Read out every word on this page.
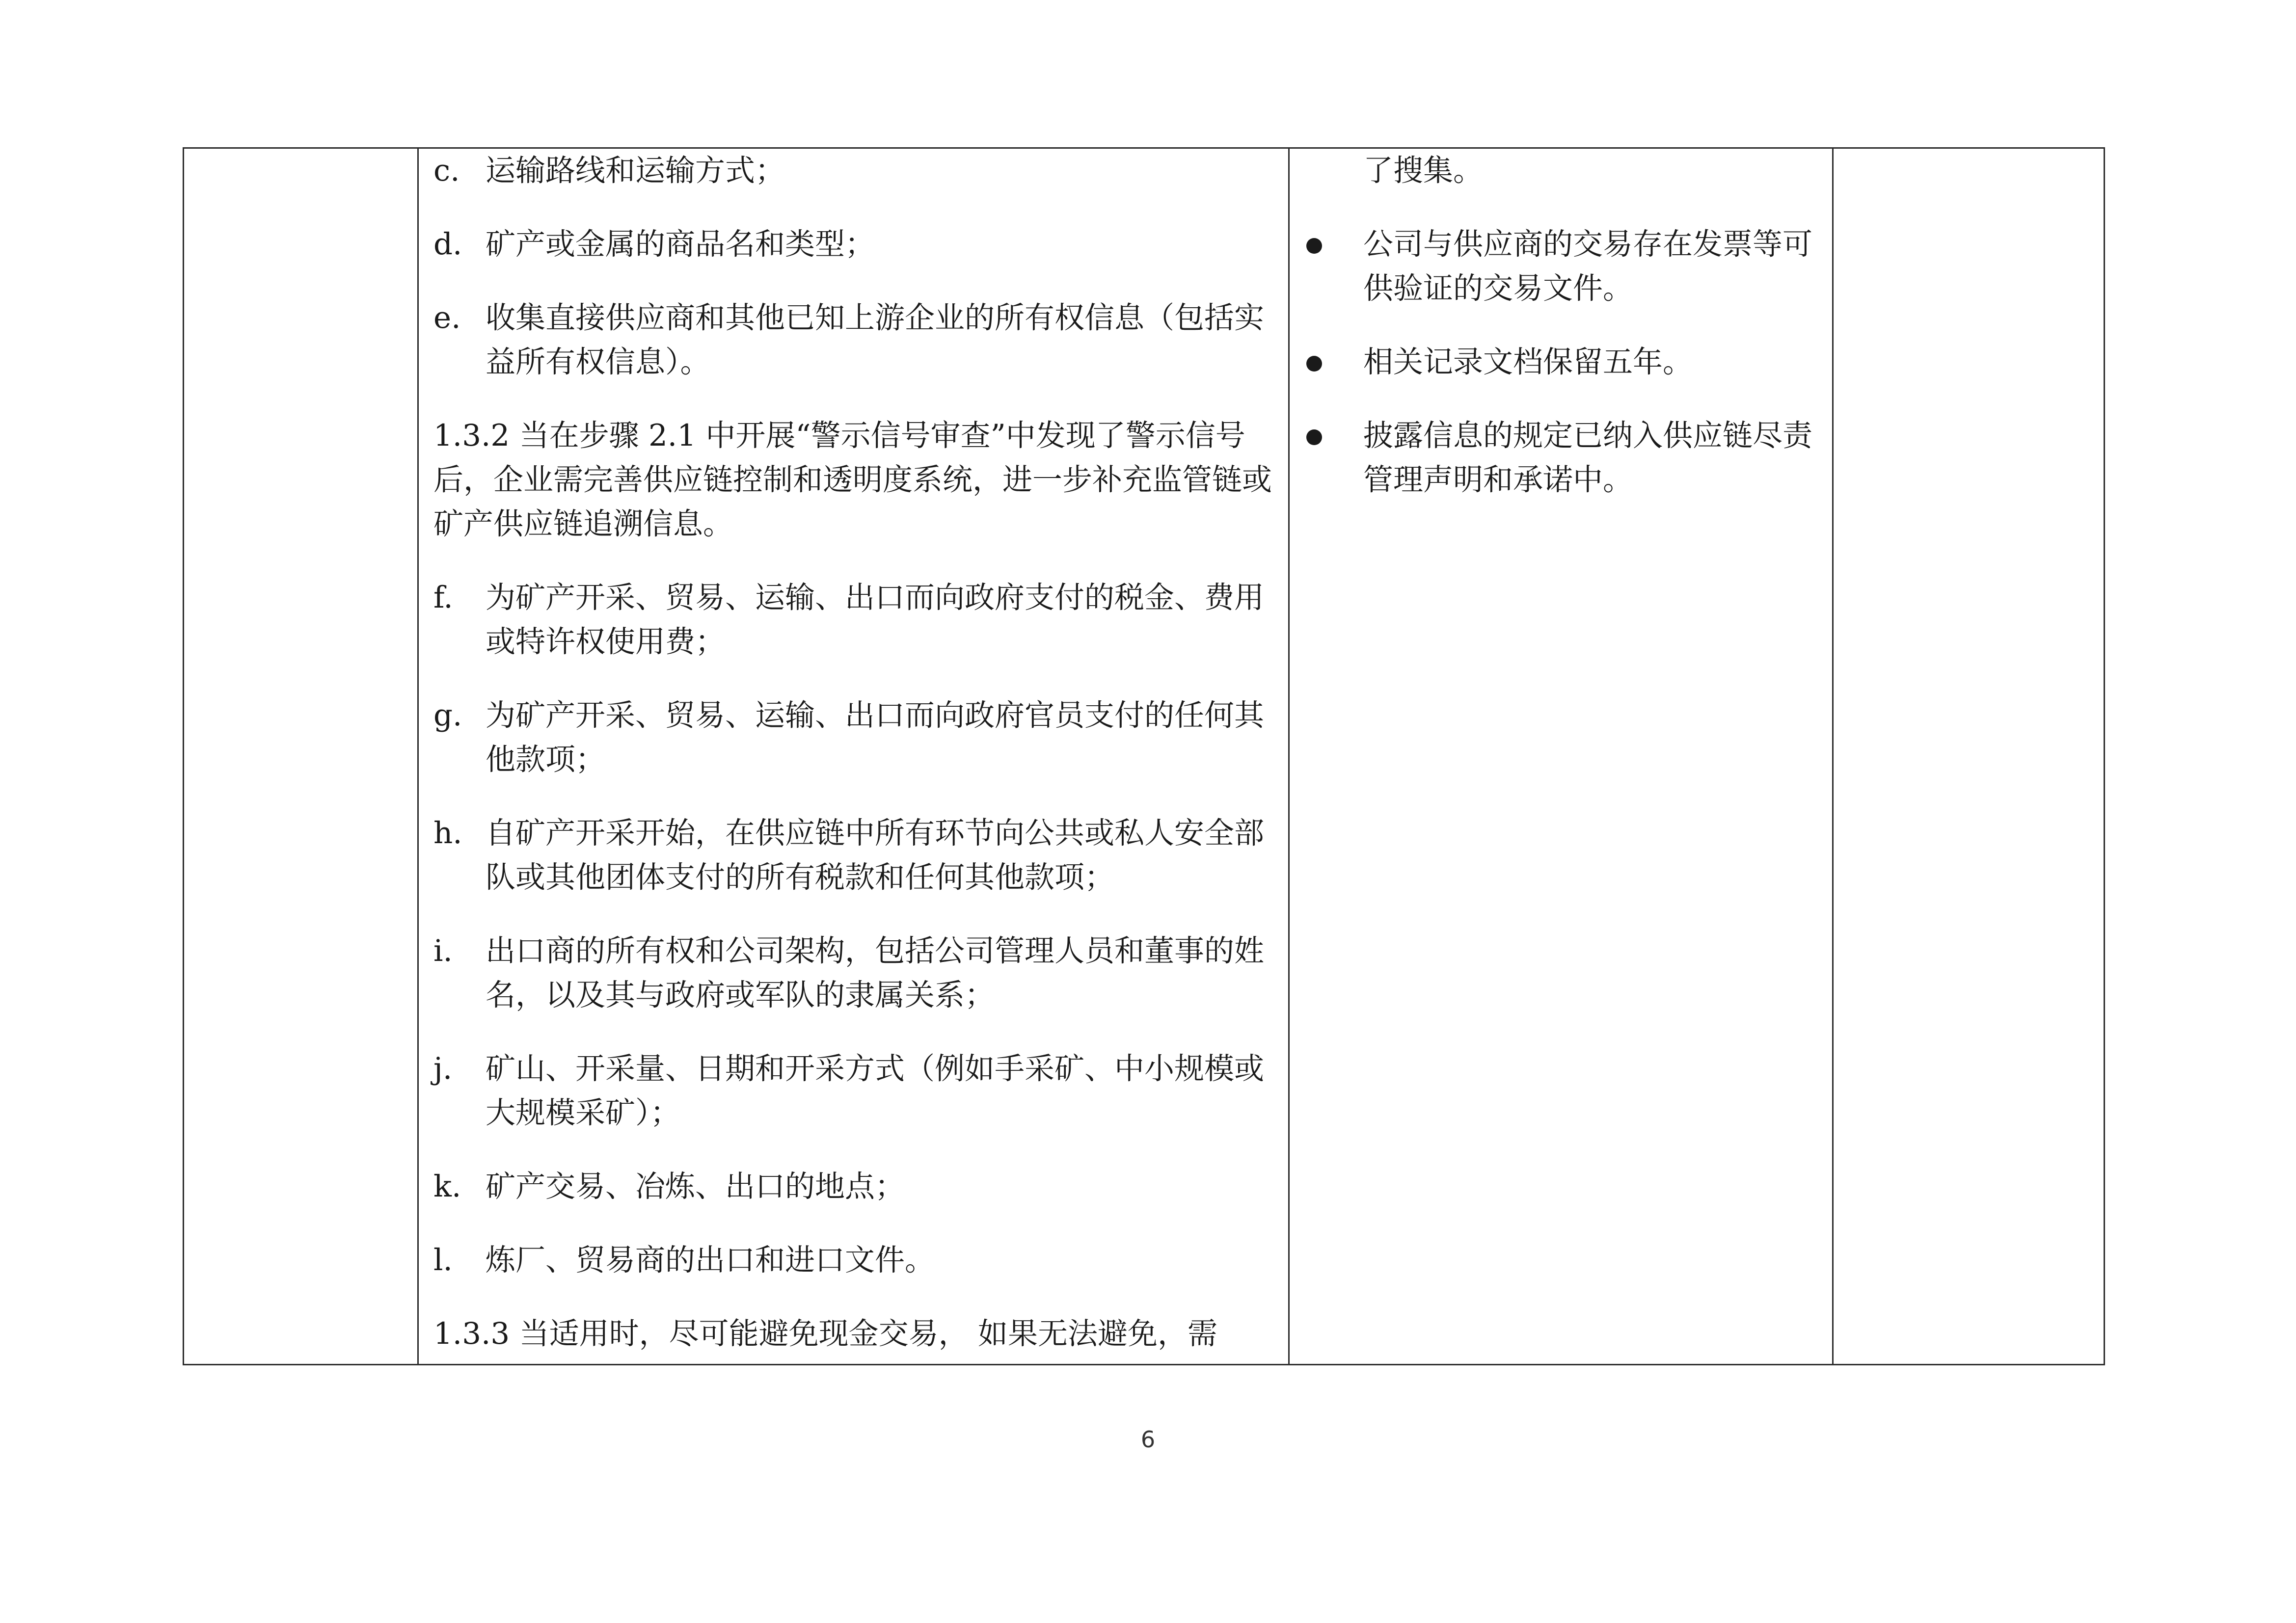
c. 运输路线和运输方式；

d. 矿产或金属的商品名和类型；

e. 收集直接供应商和其他已知上游企业的所有权信息（包括实益所有权信息）。

1.3.2 当在步骤 2.1 中开展“警示信号审查”中发现了警示信号后，企业需完善供应链控制和透明度系统，进一步补充监管链或矿产供应链追溯信息。

f. 为矿产开采、贸易、运输、出口而向政府支付的税金、费用或特许权使用费；

g. 为矿产开采、贸易、运输、出口而向政府官员支付的任何其他款项；

h. 自矿产开采开始，在供应链中所有环节向公共或私人安全部队或其他团体支付的所有税款和任何其他款项；

i. 出口商的所有权和公司架构，包括公司管理人员和董事的姓名，以及其与政府或军队的隶属关系；

j. 矿山、开采量、日期和开采方式（例如手采矿、中小规模或大规模采矿）；

k. 矿产交易、冶炼、出口的地点；

l. 炼厂、贸易商的出口和进口文件。

1.3.3 当适用时，尽可能避免现金交易， 如果无法避免，需

了搜集。

公司与供应商的交易存在发票等可供验证的交易文件。

相关记录文档保留五年。

披露信息的规定已纳入供应链尽责管理声明和承诺中。

6
